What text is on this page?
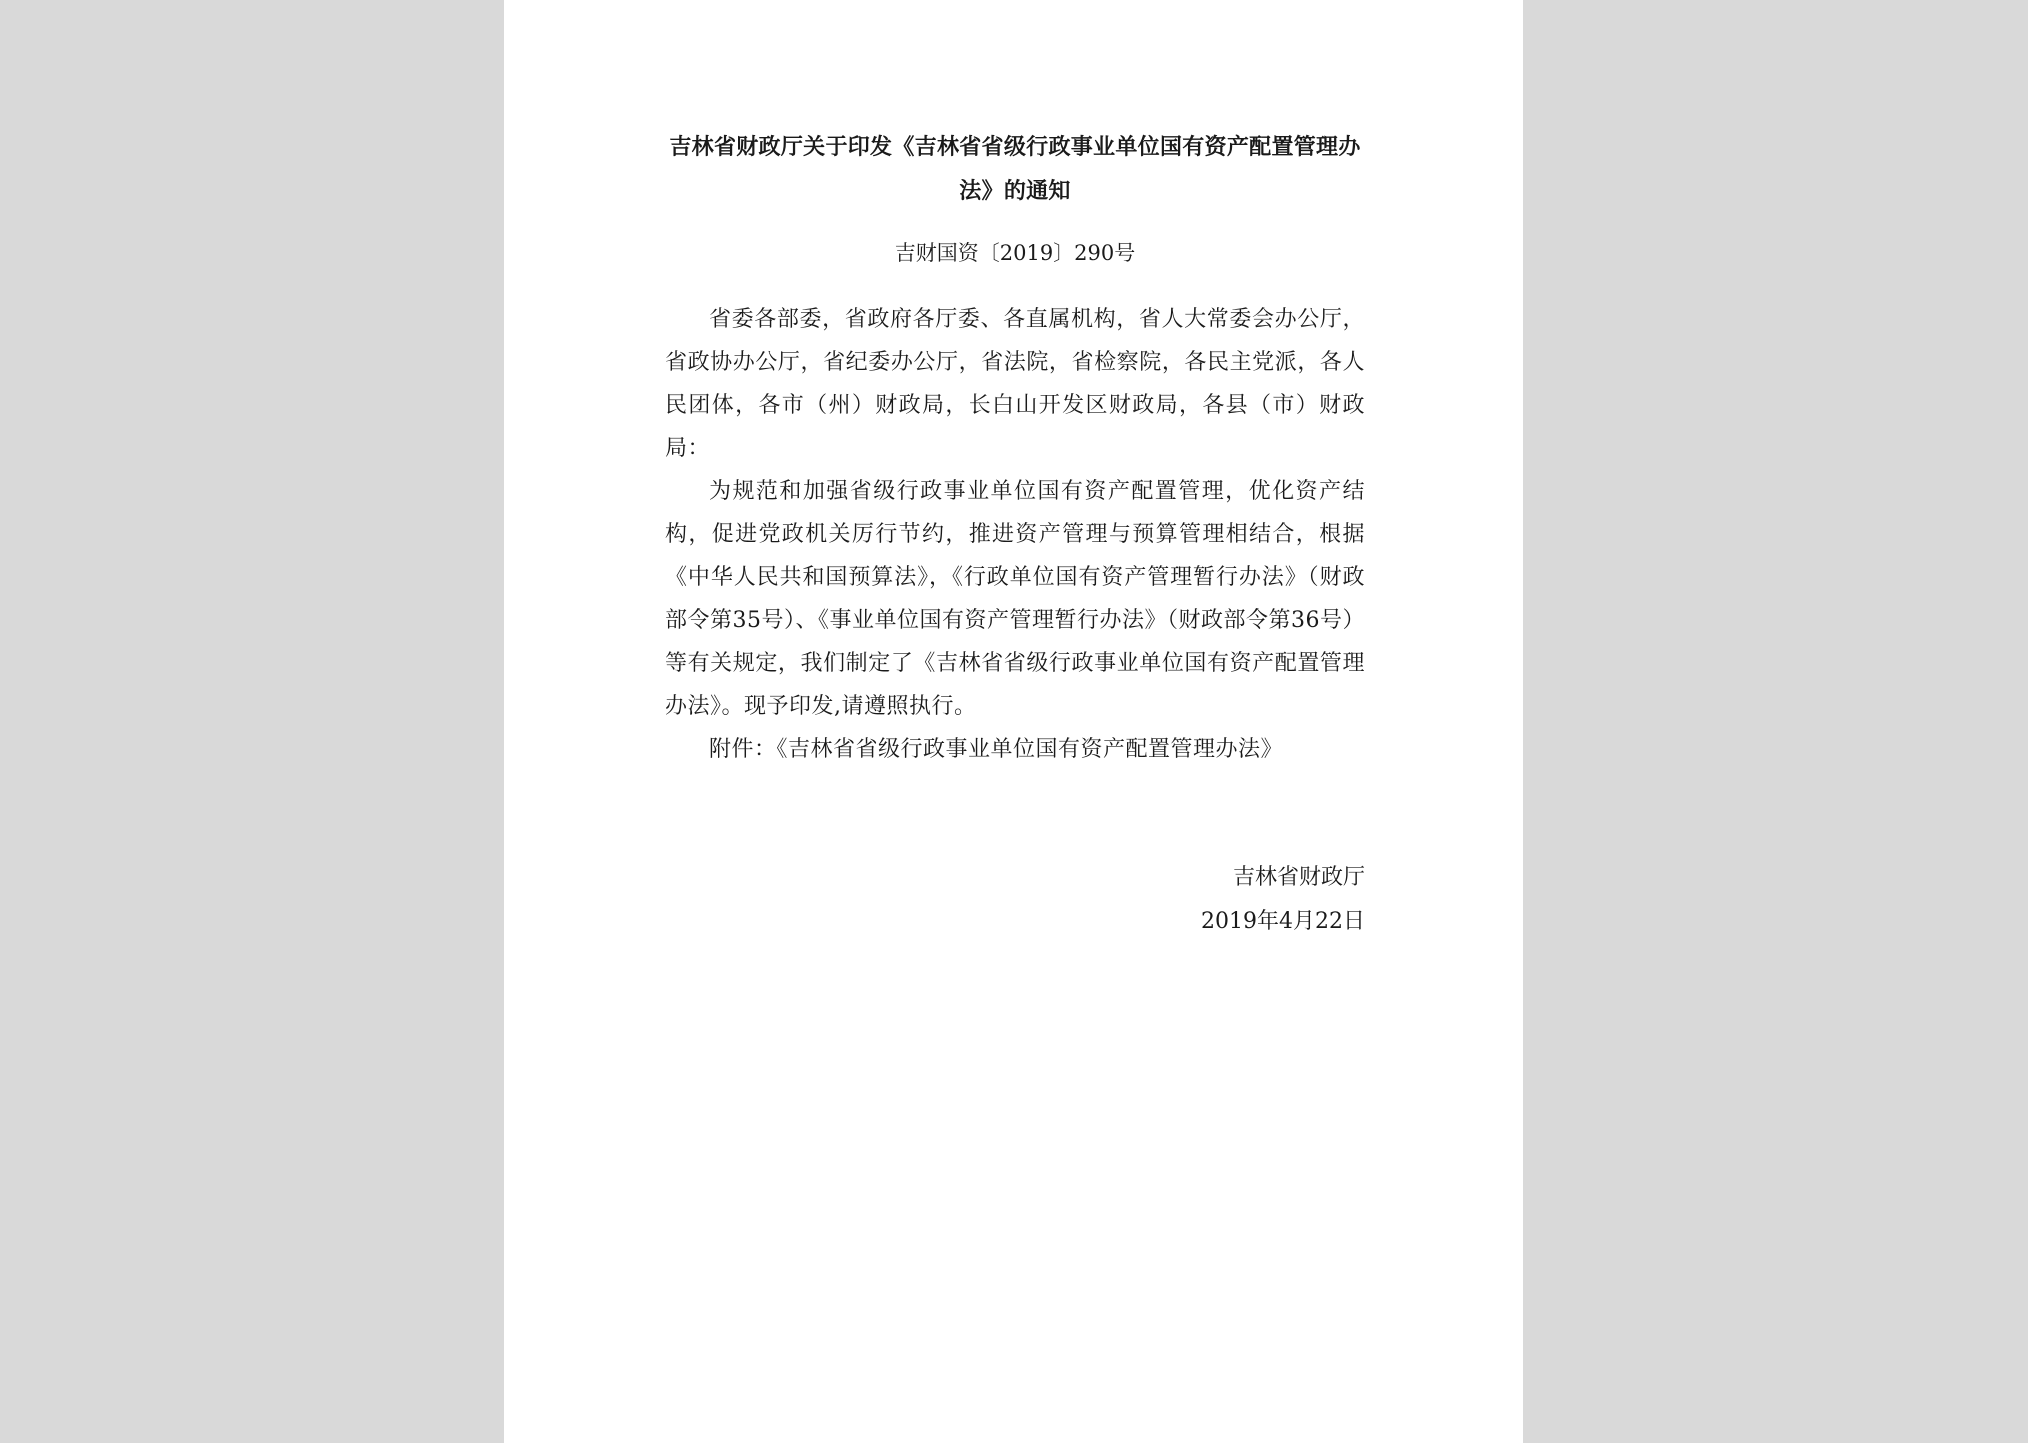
吉林省财政厅关于印发《吉林省省级行政事业单位国有资产配置管理办法》的通知
吉财国资〔2019〕290号

省委各部委，省政府各厅委、各直属机构，省人大常委会办公厅，省政协办公厅，省纪委办公厅，省法院，省检察院，各民主党派，各人民团体，各市（州）财政局，长白山开发区财政局，各县（市）财政局：

为规范和加强省级行政事业单位国有资产配置管理，优化资产结构，促进党政机关厉行节约，推进资产管理与预算管理相结合，根据《中华人民共和国预算法》，《行政单位国有资产管理暂行办法》（财政部令第35号）、《事业单位国有资产管理暂行办法》（财政部令第36号）等有关规定，我们制定了《吉林省省级行政事业单位国有资产配置管理办法》。现予印发,请遵照执行。

附件：《吉林省省级行政事业单位国有资产配置管理办法》

吉林省财政厅
2019年4月22日
